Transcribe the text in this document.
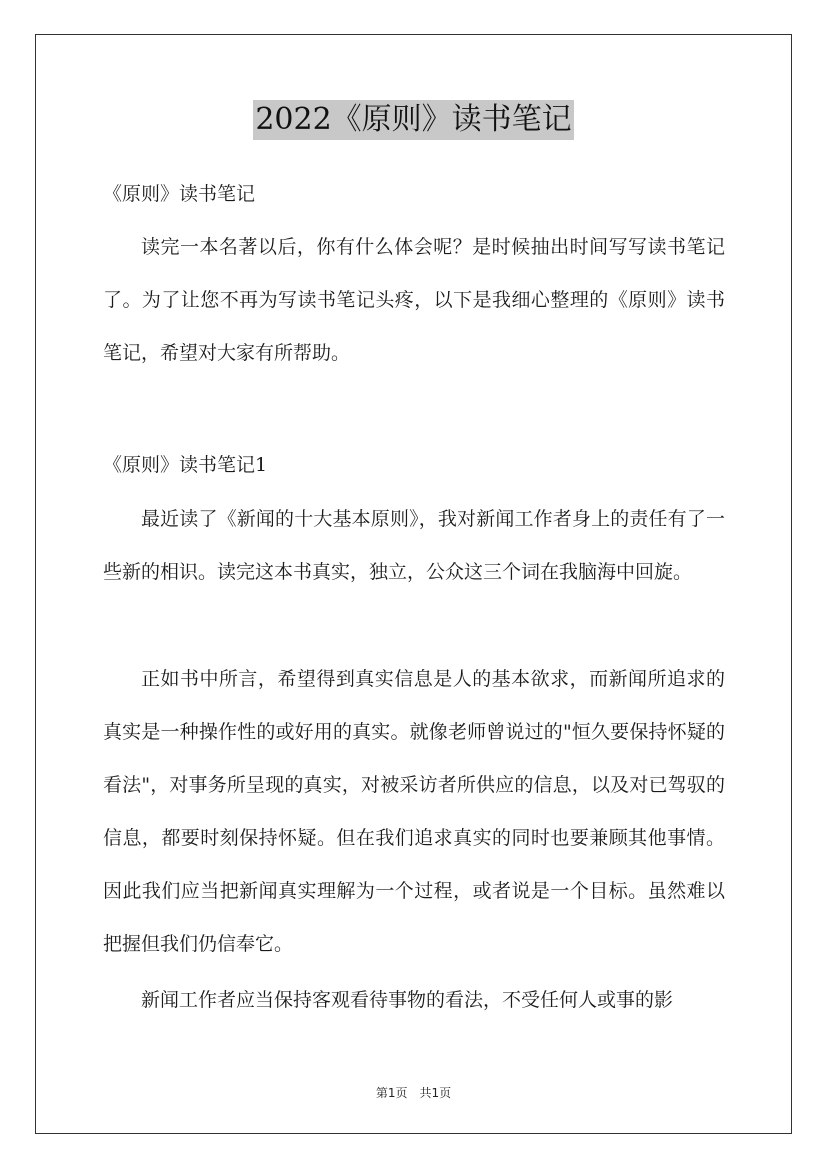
2022《原则》读书笔记
《原则》读书笔记
读完一本名著以后，你有什么体会呢？是时候抽出时间写写读书笔记了。为了让您不再为写读书笔记头疼，以下是我细心整理的《原则》读书笔记，希望对大家有所帮助。
《原则》读书笔记1
最近读了《新闻的十大基本原则》，我对新闻工作者身上的责任有了一些新的相识。读完这本书真实，独立，公众这三个词在我脑海中回旋。
正如书中所言，希望得到真实信息是人的基本欲求，而新闻所追求的真实是一种操作性的或好用的真实。就像老师曾说过的"恒久要保持怀疑的看法"，对事务所呈现的真实，对被采访者所供应的信息，以及对已驾驭的信息，都要时刻保持怀疑。但在我们追求真实的同时也要兼顾其他事情。因此我们应当把新闻真实理解为一个过程，或者说是一个目标。虽然难以把握但我们仍信奉它。
新闻工作者应当保持客观看待事物的看法，不受任何人或事的影
第1页　共1页
